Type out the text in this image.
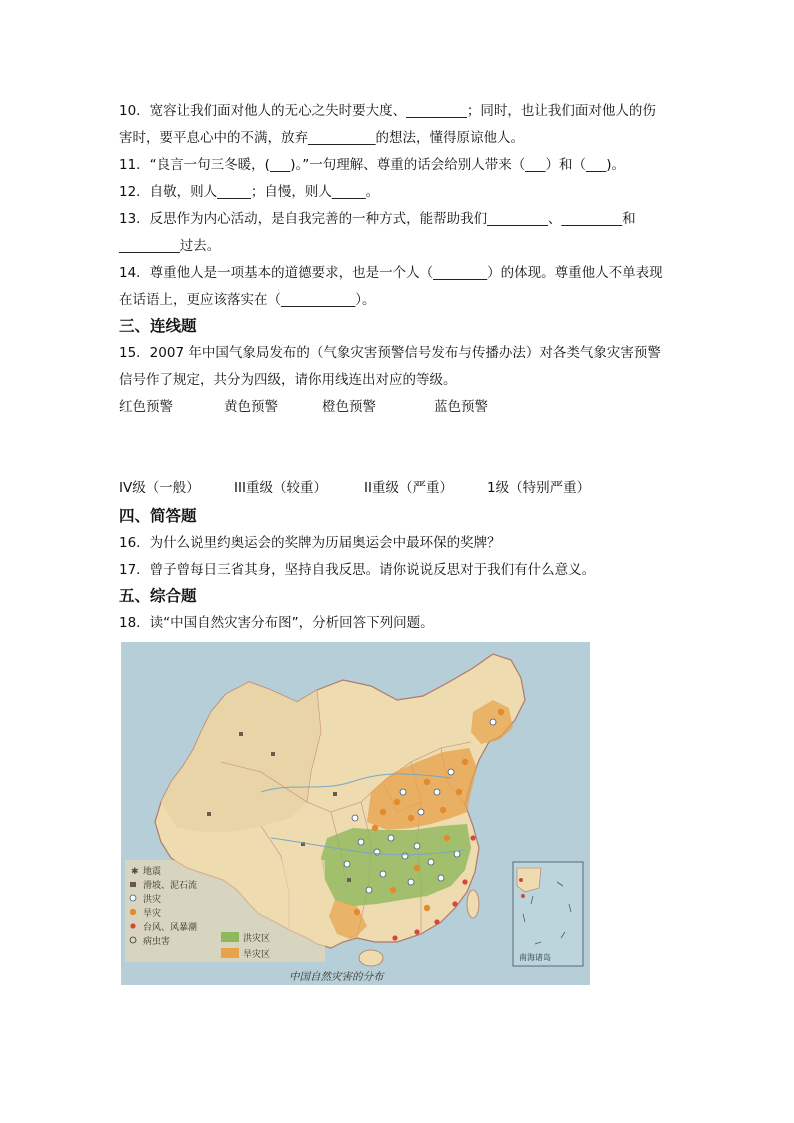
10．宽容让我们面对他人的无心之失时要大度、_________；同时，也让我们面对他人的伤
害时，要平息心中的不满，放弃__________的想法，懂得原谅他人。
11．“良言一句三冬暖，(___)。”一句理解、尊重的话会给别人带来（___）和（___)。
12．自敬，则人_____；自慢，则人_____。
13．反思作为内心活动，是自我完善的一种方式，能帮助我们_________、_________和
_________过去。
14．尊重他人是一项基本的道德要求，也是一个人（________）的体现。尊重他人不单表现
在话语上，更应该落实在（___________）。
三、连线题
15．2007 年中国气象局发布的（气象灾害预警信号发布与传播办法）对各类气象灾害预警
信号作了规定，共分为四级，请你用线连出对应的等级。
红色预警	黄色预警	橙色预警	蓝色预警
IV级（一般）	III重级（较重）	II重级（严重）	1级（特别严重）
四、简答题
16．为什么说里约奥运会的奖牌为历届奥运会中最环保的奖牌？
17．曾子曾每日三省其身，坚持自我反思。请你说说反思对于我们有什么意义。
五、综合题
18．读“中国自然灾害分布图”，分析回答下列问题。
✱ 地震
滑坡、泥石流
洪灾
旱灾
台风、风暴潮
病虫害	洪灾区
旱灾区	南海诸岛
中国自然灾害的分布
